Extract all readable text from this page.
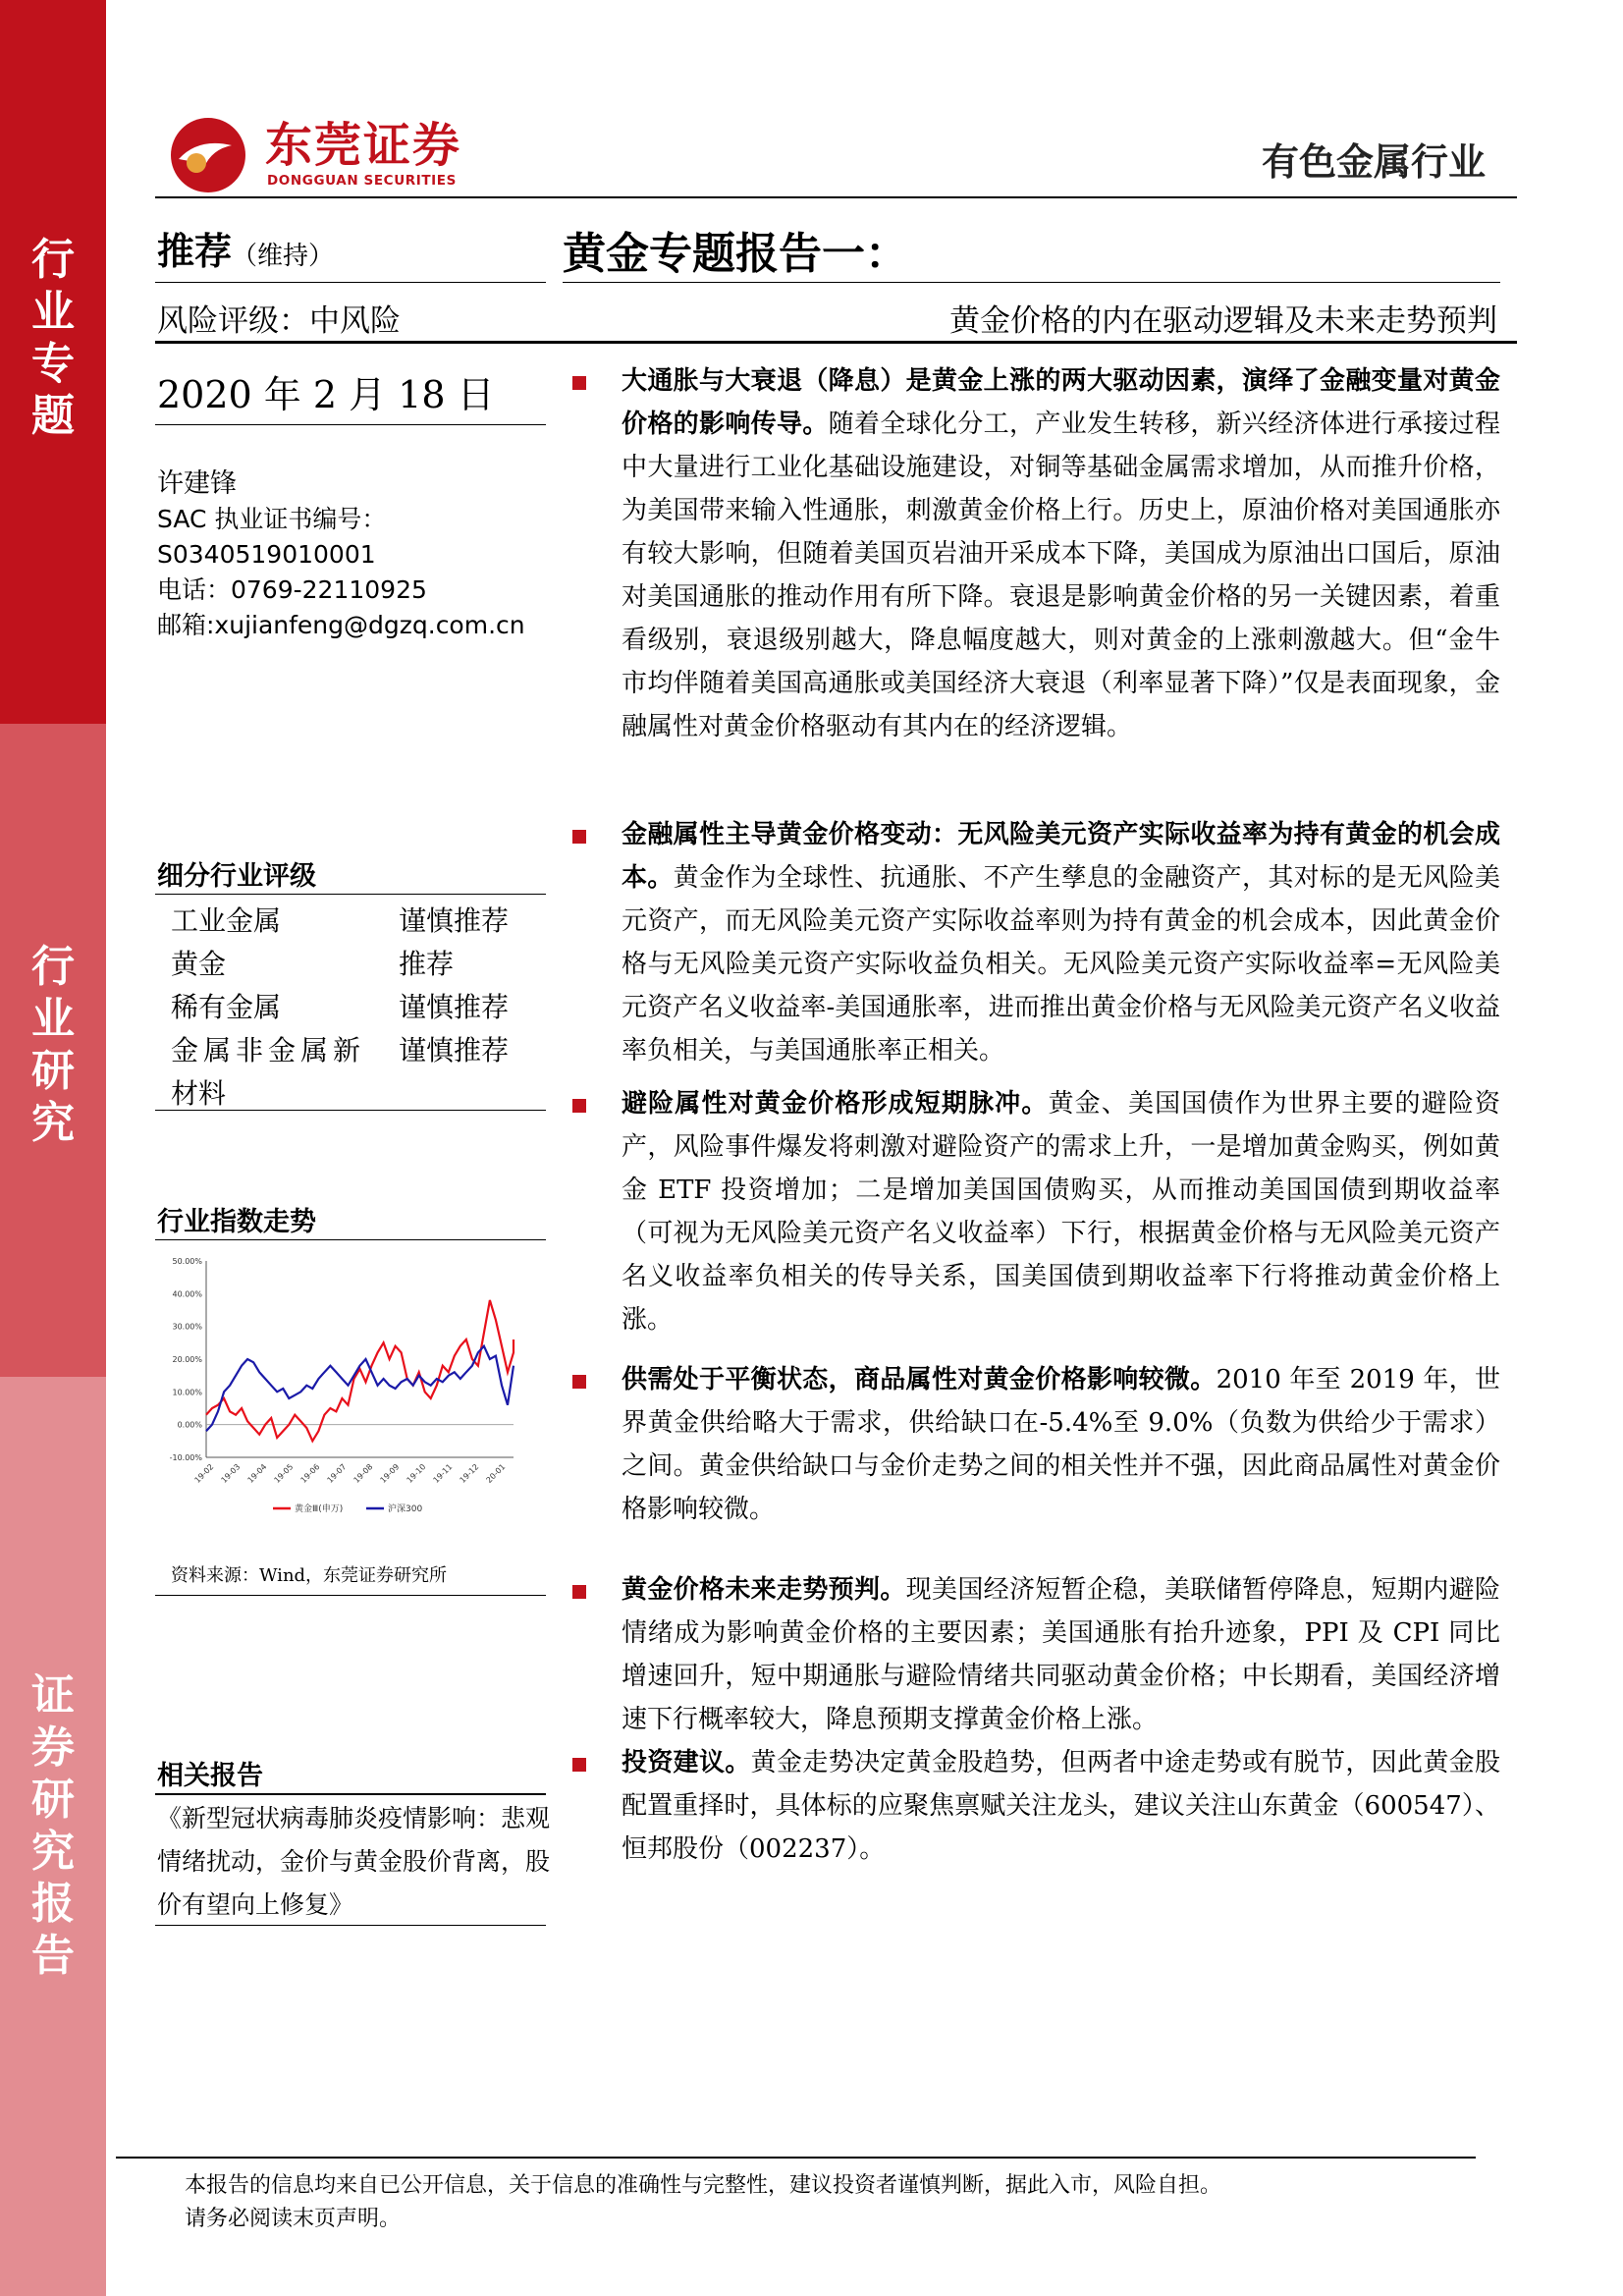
行
业
专
题
行
业
研
究
证
券
研
究
报
告
东莞证券
DONGGUAN SECURITIES	有色金属行业
推荐（维持）	黄金专题报告一：
风险评级：中风险	黄金价格的内在驱动逻辑及未来走势预判
2020 年 2 月 18 日
许建锋
SAC 执业证书编号：
S0340519010001
电话：0769-22110925
邮箱:xujianfeng@dgzq.com.cn
细分行业评级
工业金属	谨慎推荐
黄金	推荐
稀有金属	谨慎推荐
金属非金属新	谨慎推荐
材料
行业指数走势
50.00%
40.00%
30.00%
20.00%
10.00%
0.00%
-10.00%
19-02 19-03 19-04 19-05 19-06 19-07 19-08 19-09 19-10 19-11 19-12 20-01
黄金Ⅲ(申万)	沪深300
资料来源：Wind，东莞证券研究所
相关报告
《新型冠状病毒肺炎疫情影响：悲观情绪扰动，金价与黄金股价背离，股价有望向上修复》
大通胀与大衰退（降息）是黄金上涨的两大驱动因素，演绎了金融变量对黄金价格的影响传导。随着全球化分工，产业发生转移，新兴经济体进行承接过程中大量进行工业化基础设施建设，对铜等基础金属需求增加，从而推升价格，为美国带来输入性通胀，刺激黄金价格上行。历史上，原油价格对美国通胀亦有较大影响，但随着美国页岩油开采成本下降，美国成为原油出口国后，原油对美国通胀的推动作用有所下降。衰退是影响黄金价格的另一关键因素，着重看级别，衰退级别越大，降息幅度越大，则对黄金的上涨刺激越大。但“金牛市均伴随着美国高通胀或美国经济大衰退（利率显著下降）”仅是表面现象，金融属性对黄金价格驱动有其内在的经济逻辑。
金融属性主导黄金价格变动：无风险美元资产实际收益率为持有黄金的机会成本。黄金作为全球性、抗通胀、不产生孳息的金融资产，其对标的是无风险美元资产，而无风险美元资产实际收益率则为持有黄金的机会成本，因此黄金价格与无风险美元资产实际收益负相关。无风险美元资产实际收益率=无风险美元资产名义收益率-美国通胀率，进而推出黄金价格与无风险美元资产名义收益率负相关，与美国通胀率正相关。
避险属性对黄金价格形成短期脉冲。黄金、美国国债作为世界主要的避险资产，风险事件爆发将刺激对避险资产的需求上升，一是增加黄金购买，例如黄金 ETF 投资增加；二是增加美国国债购买，从而推动美国国债到期收益率（可视为无风险美元资产名义收益率）下行，根据黄金价格与无风险美元资产名义收益率负相关的传导关系，国美国债到期收益率下行将推动黄金价格上涨。
供需处于平衡状态，商品属性对黄金价格影响较微。2010 年至 2019 年，世界黄金供给略大于需求，供给缺口在-5.4%至 9.0%（负数为供给少于需求）之间。黄金供给缺口与金价走势之间的相关性并不强，因此商品属性对黄金价格影响较微。
黄金价格未来走势预判。现美国经济短暂企稳，美联储暂停降息，短期内避险情绪成为影响黄金价格的主要因素；美国通胀有抬升迹象，PPI 及 CPI 同比增速回升，短中期通胀与避险情绪共同驱动黄金价格；中长期看，美国经济增速下行概率较大，降息预期支撑黄金价格上涨。
投资建议。黄金走势决定黄金股趋势，但两者中途走势或有脱节，因此黄金股配置重择时，具体标的应聚焦禀赋关注龙头，建议关注山东黄金（600547）、恒邦股份（002237）。
本报告的信息均来自已公开信息，关于信息的准确性与完整性，建议投资者谨慎判断，据此入市，风险自担。
请务必阅读末页声明。
